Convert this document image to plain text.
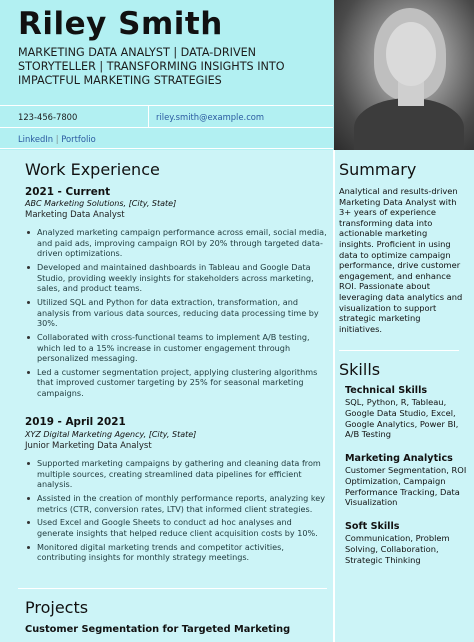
Riley Smith
MARKETING DATA ANALYST | DATA-DRIVEN STORYTELLER | TRANSFORMING INSIGHTS INTO IMPACTFUL MARKETING STRATEGIES
123-456-7800	riley.smith@example.com
LinkedIn | Portfolio
Work Experience
2021 - Current
ABC Marketing Solutions, [City, State]
Marketing Data Analyst
Analyzed marketing campaign performance across email, social media, and paid ads, improving campaign ROI by 20% through targeted data-driven optimizations.
Developed and maintained dashboards in Tableau and Google Data Studio, providing weekly insights for stakeholders across marketing, sales, and product teams.
Utilized SQL and Python for data extraction, transformation, and analysis from various data sources, reducing data processing time by 30%.
Collaborated with cross-functional teams to implement A/B testing, which led to a 15% increase in customer engagement through personalized messaging.
Led a customer segmentation project, applying clustering algorithms that improved customer targeting by 25% for seasonal marketing campaigns.
2019 - April 2021
XYZ Digital Marketing Agency, [City, State]
Junior Marketing Data Analyst
Supported marketing campaigns by gathering and cleaning data from multiple sources, creating streamlined data pipelines for efficient analysis.
Assisted in the creation of monthly performance reports, analyzing key metrics (CTR, conversion rates, LTV) that informed client strategies.
Used Excel and Google Sheets to conduct ad hoc analyses and generate insights that helped reduce client acquisition costs by 10%.
Monitored digital marketing trends and competitor activities, contributing insights for monthly strategy meetings.
Projects
Customer Segmentation for Targeted Marketing
Summary
Analytical and results-driven Marketing Data Analyst with 3+ years of experience transforming data into actionable marketing insights. Proficient in using data to optimize campaign performance, drive customer engagement, and enhance ROI. Passionate about leveraging data analytics and visualization to support strategic marketing initiatives.
Skills
Technical Skills
SQL, Python, R, Tableau, Google Data Studio, Excel, Google Analytics, Power BI, A/B Testing
Marketing Analytics
Customer Segmentation, ROI Optimization, Campaign Performance Tracking, Data Visualization
Soft Skills
Communication, Problem Solving, Collaboration, Strategic Thinking
